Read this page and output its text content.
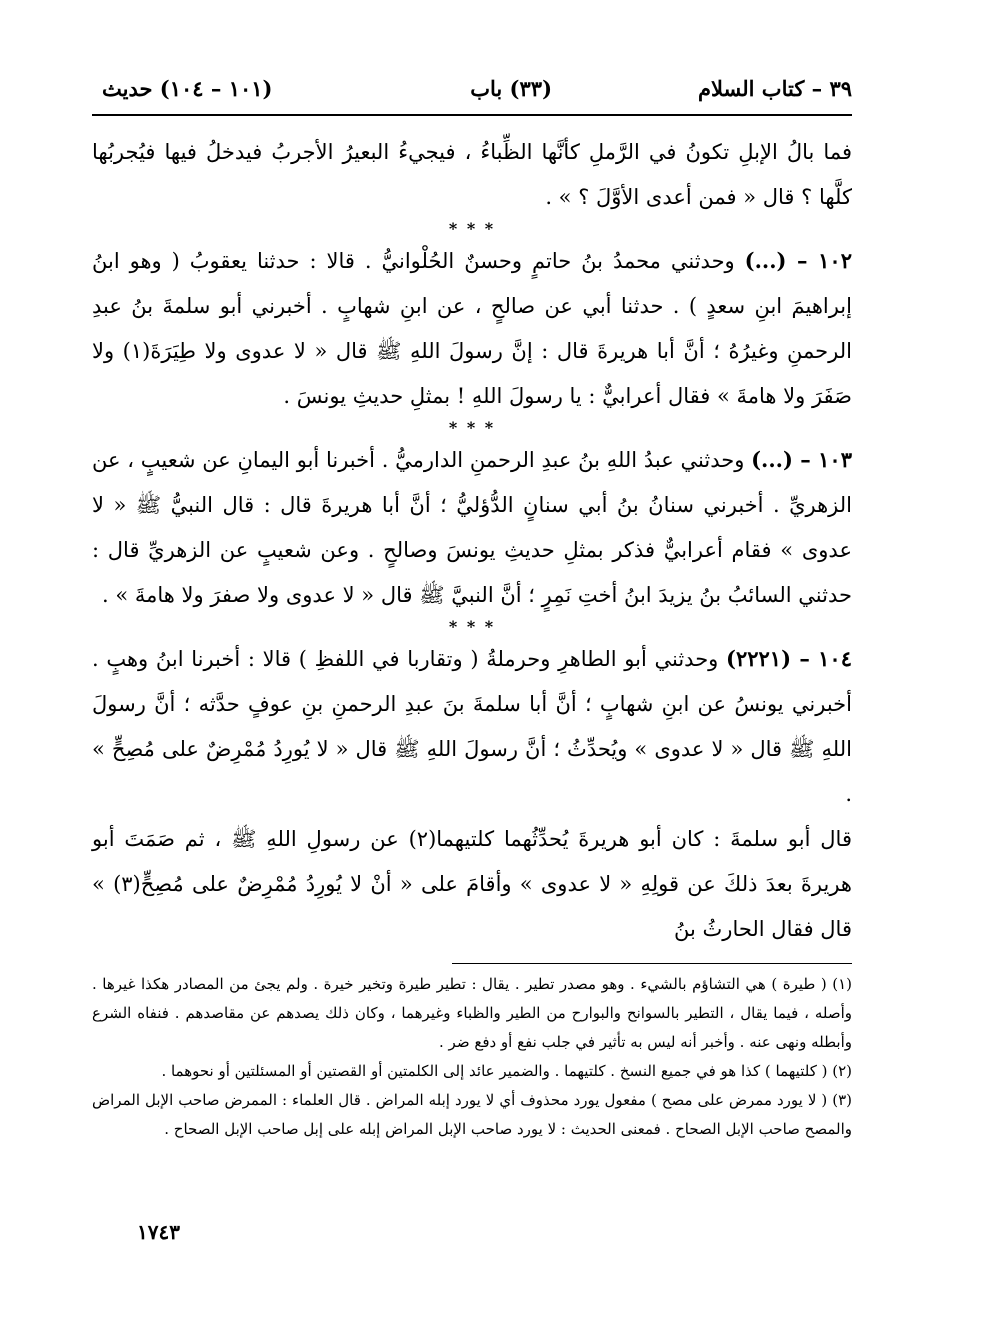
٣٩ – كتاب السلام
(٣٣) باب
(١٠١ – ١٠٤) حديث

فما بالُ الإبلِ تكونُ في الرَّملِ كأنَّها الظِّباءُ ، فيجيءُ البعيرُ الأجربُ فيدخلُ فيها فيُجربُها كلَّها ؟ قال « فمن أعدى الأوَّلَ ؟ » .

* * *

١٠٢ – (...) وحدثني محمدُ بنُ حاتمٍ وحسنٌ الحُلْوانيُّ . قالا : حدثنا يعقوبُ ( وهو ابنُ إبراهيمَ ابنِ سعدٍ ) . حدثنا أبي عن صالحٍ ، عن ابنِ شهابٍ . أخبرني أبو سلمةَ بنُ عبدِ الرحمنِ وغيرُهُ ؛ أنَّ أبا هريرةَ قال : إنَّ رسولَ اللهِ ﷺ قال « لا عدوى ولا طِيَرَةَ(١) ولا صَفَرَ ولا هامةَ » فقال أعرابيٌّ : يا رسولَ اللهِ ! بمثلِ حديثِ يونسَ .

* * *

١٠٣ – (...) وحدثني عبدُ اللهِ بنُ عبدِ الرحمنِ الدارميُّ . أخبرنا أبو اليمانِ عن شعيبٍ ، عن الزهريِّ . أخبرني سنانُ بنُ أبي سنانٍ الدُّؤليُّ ؛ أنَّ أبا هريرةَ قال : قال النبيُّ ﷺ « لا عدوى » فقام أعرابيٌّ فذكر بمثلِ حديثِ يونسَ وصالحٍ . وعن شعيبٍ عن الزهريِّ قال : حدثني السائبُ بنُ يزيدَ ابنُ أختِ نَمِرٍ ؛ أنَّ النبيَّ ﷺ قال « لا عدوى ولا صفرَ ولا هامةَ » .

* * *

١٠٤ – (٢٢٢١) وحدثني أبو الطاهرِ وحرملةُ ( وتقاربا في اللفظِ ) قالا : أخبرنا ابنُ وهبٍ . أخبرني يونسُ عن ابنِ شهابٍ ؛ أنَّ أبا سلمةَ بنَ عبدِ الرحمنِ بنِ عوفٍ حدَّثه ؛ أنَّ رسولَ اللهِ ﷺ قال « لا عدوى » ويُحدِّثُ ؛ أنَّ رسولَ اللهِ ﷺ قال « لا يُورِدُ مُمْرِضٌ على مُصِحٍّ » .

قال أبو سلمةَ : كان أبو هريرةَ يُحدِّثُهما كلتيهما(٢) عن رسولِ اللهِ ﷺ ، ثم صَمَتَ أبو هريرةَ بعدَ ذلكَ عن قولِهِ « لا عدوى » وأقامَ على « أنْ لا يُورِدُ مُمْرِضٌ على مُصِحٍّ(٣) » قال فقال الحارثُ بنُ

(١) ( طيرة ) هي التشاؤم بالشيء . وهو مصدر تطير . يقال : تطير طيرة وتخير خيرة . ولم يجئ من المصادر هكذا غيرها . وأصله ، فيما يقال ، التطير بالسوانح والبوارح من الطير والظباء وغيرهما ، وكان ذلك يصدهم عن مقاصدهم . فنفاه الشرع وأبطله ونهى عنه . وأخبر أنه ليس به تأثير في جلب نفع أو دفع ضر .

(٢) ( كلتيهما ) كذا هو في جميع النسخ . كلتيهما . والضمير عائد إلى الكلمتين أو القصتين أو المسئلتين أو نحوهما .

(٣) ( لا يورد ممرض على مصح ) مفعول يورد محذوف أي لا يورد إبله المراض . قال العلماء : الممرض صاحب الإبل المراض والمصح صاحب الإبل الصحاح . فمعنى الحديث : لا يورد صاحب الإبل المراض إبله على إبل صاحب الإبل الصحاح .

١٧٤٣
